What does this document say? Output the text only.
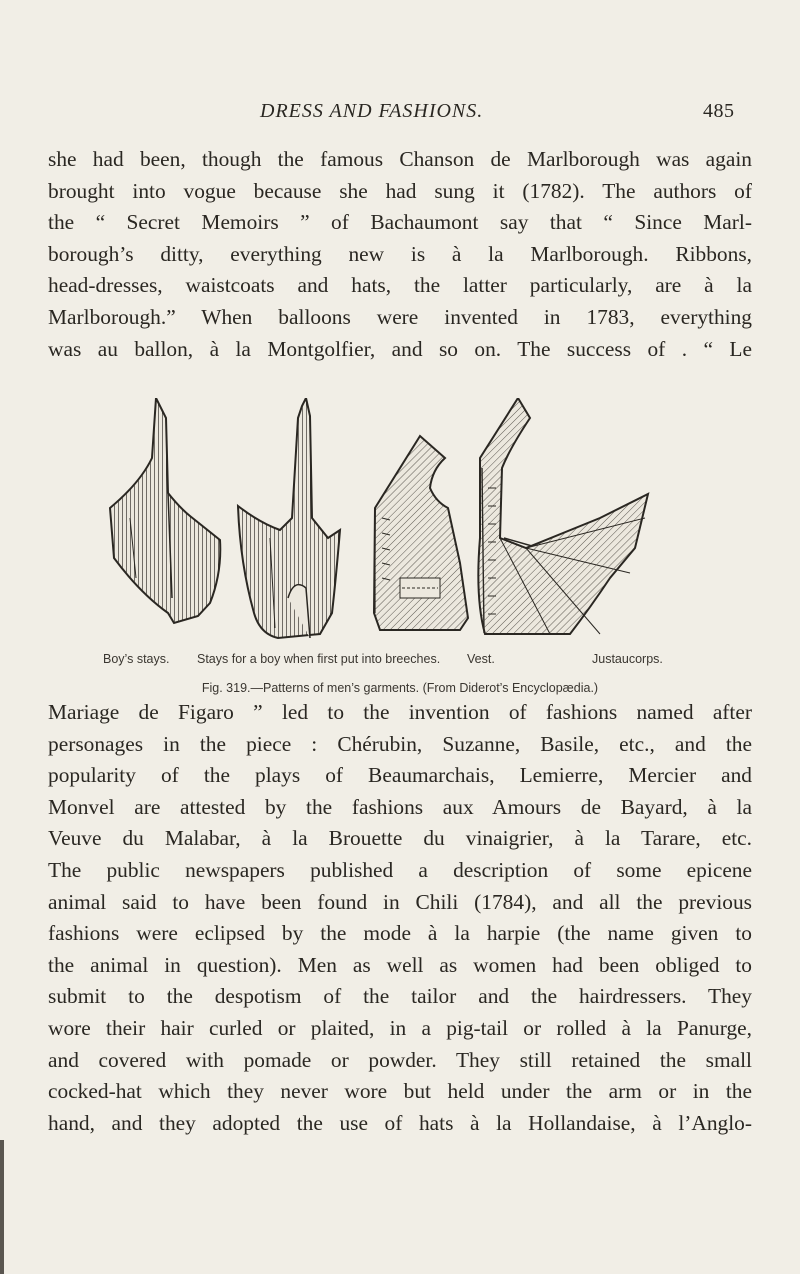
DRESS AND FASHIONS.	485

she had been, though the famous Chanson de Marlborough was again
brought into vogue because she had sung it (1782). The authors of
the “ Secret Memoirs ” of Bachaumont say that “ Since Marl-
borough’s ditty, everything new is à la Marlborough. Ribbons,
head-dresses, waistcoats and hats, the latter particularly, are à la
Marlborough.” When balloons were invented in 1783, everything
was au ballon, à la Montgolfier, and so on. The success of . “ Le

Boy’s stays. Stays for a boy when first put into breeches. Vest.	Justaucorps.
Fig. 319.—Patterns of men’s garments. (From Diderot’s Encyclopædia.)

Mariage de Figaro ” led to the invention of fashions named after
personages in the piece : Chérubin, Suzanne, Basile, etc., and the
popularity of the plays of Beaumarchais, Lemierre, Mercier and
Monvel are attested by the fashions aux Amours de Bayard, à la
Veuve du Malabar, à la Brouette du vinaigrier, à la Tarare, etc.
The public newspapers published a description of some epicene
animal said to have been found in Chili (1784), and all the previous
fashions were eclipsed by the mode à la harpie (the name given to
the animal in question). Men as well as women had been obliged to
submit to the despotism of the tailor and the hairdressers. They
wore their hair curled or plaited, in a pig-tail or rolled à la Panurge,
and covered with pomade or powder. They still retained the small
cocked-hat which they never wore but held under the arm or in the
hand, and they adopted the use of hats à la Hollandaise, à l’Anglo-
